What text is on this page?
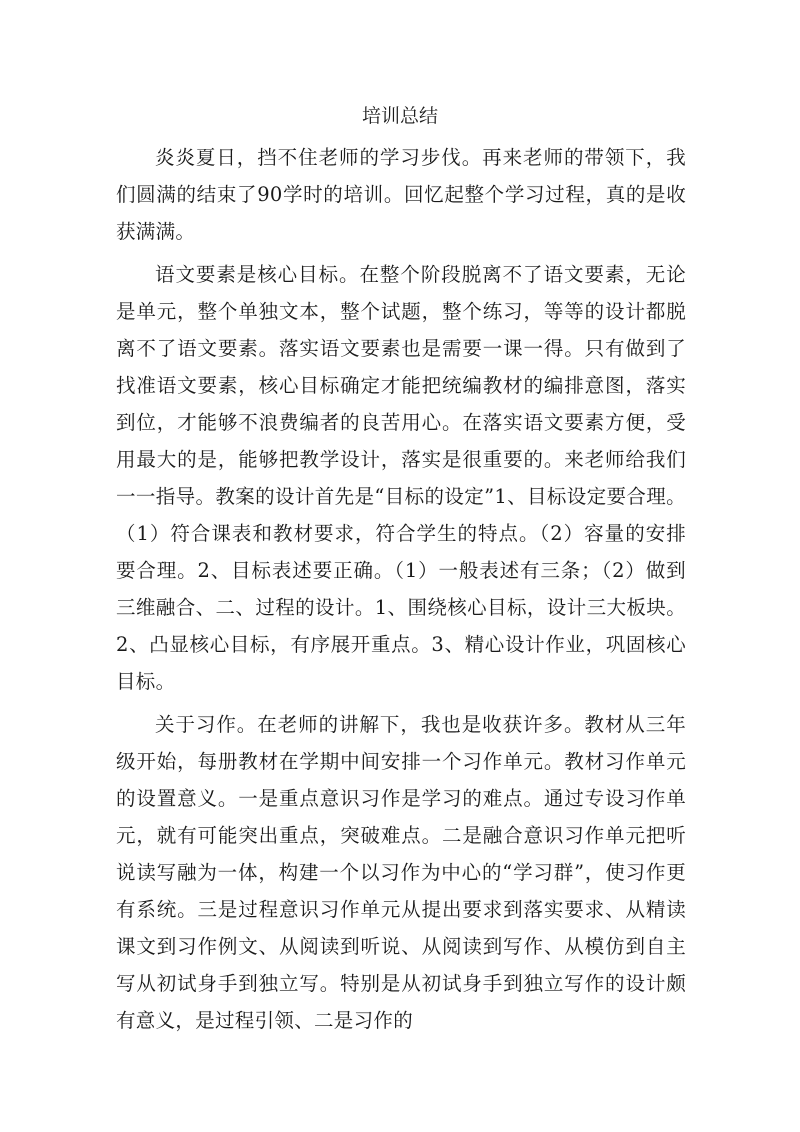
培训总结

炎炎夏日，挡不住老师的学习步伐。再来老师的带领下，我们圆满的结束了90学时的培训。回忆起整个学习过程，真的是收获满满。

语文要素是核心目标。在整个阶段脱离不了语文要素，无论是单元，整个单独文本，整个试题，整个练习，等等的设计都脱离不了语文要素。落实语文要素也是需要一课一得。只有做到了找准语文要素，核心目标确定才能把统编教材的编排意图，落实到位，才能够不浪费编者的良苦用心。在落实语文要素方便，受用最大的是，能够把教学设计，落实是很重要的。来老师给我们一一指导。教案的设计首先是“目标的设定”1、目标设定要合理。（1）符合课表和教材要求，符合学生的特点。（2）容量的安排要合理。2、目标表述要正确。（1）一般表述有三条；（2）做到三维融合、二、过程的设计。1、围绕核心目标，设计三大板块。2、凸显核心目标，有序展开重点。3、精心设计作业，巩固核心目标。

关于习作。在老师的讲解下，我也是收获许多。教材从三年级开始，每册教材在学期中间安排一个习作单元。教材习作单元的设置意义。一是重点意识习作是学习的难点。通过专设习作单元，就有可能突出重点，突破难点。二是融合意识习作单元把听说读写融为一体，构建一个以习作为中心的“学习群”，使习作更有系统。三是过程意识习作单元从提出要求到落实要求、从精读课文到习作例文、从阅读到听说、从阅读到写作、从模仿到自主写从初试身手到独立写。特别是从初试身手到独立写作的设计颇有意义，是过程引领、二是习作的
